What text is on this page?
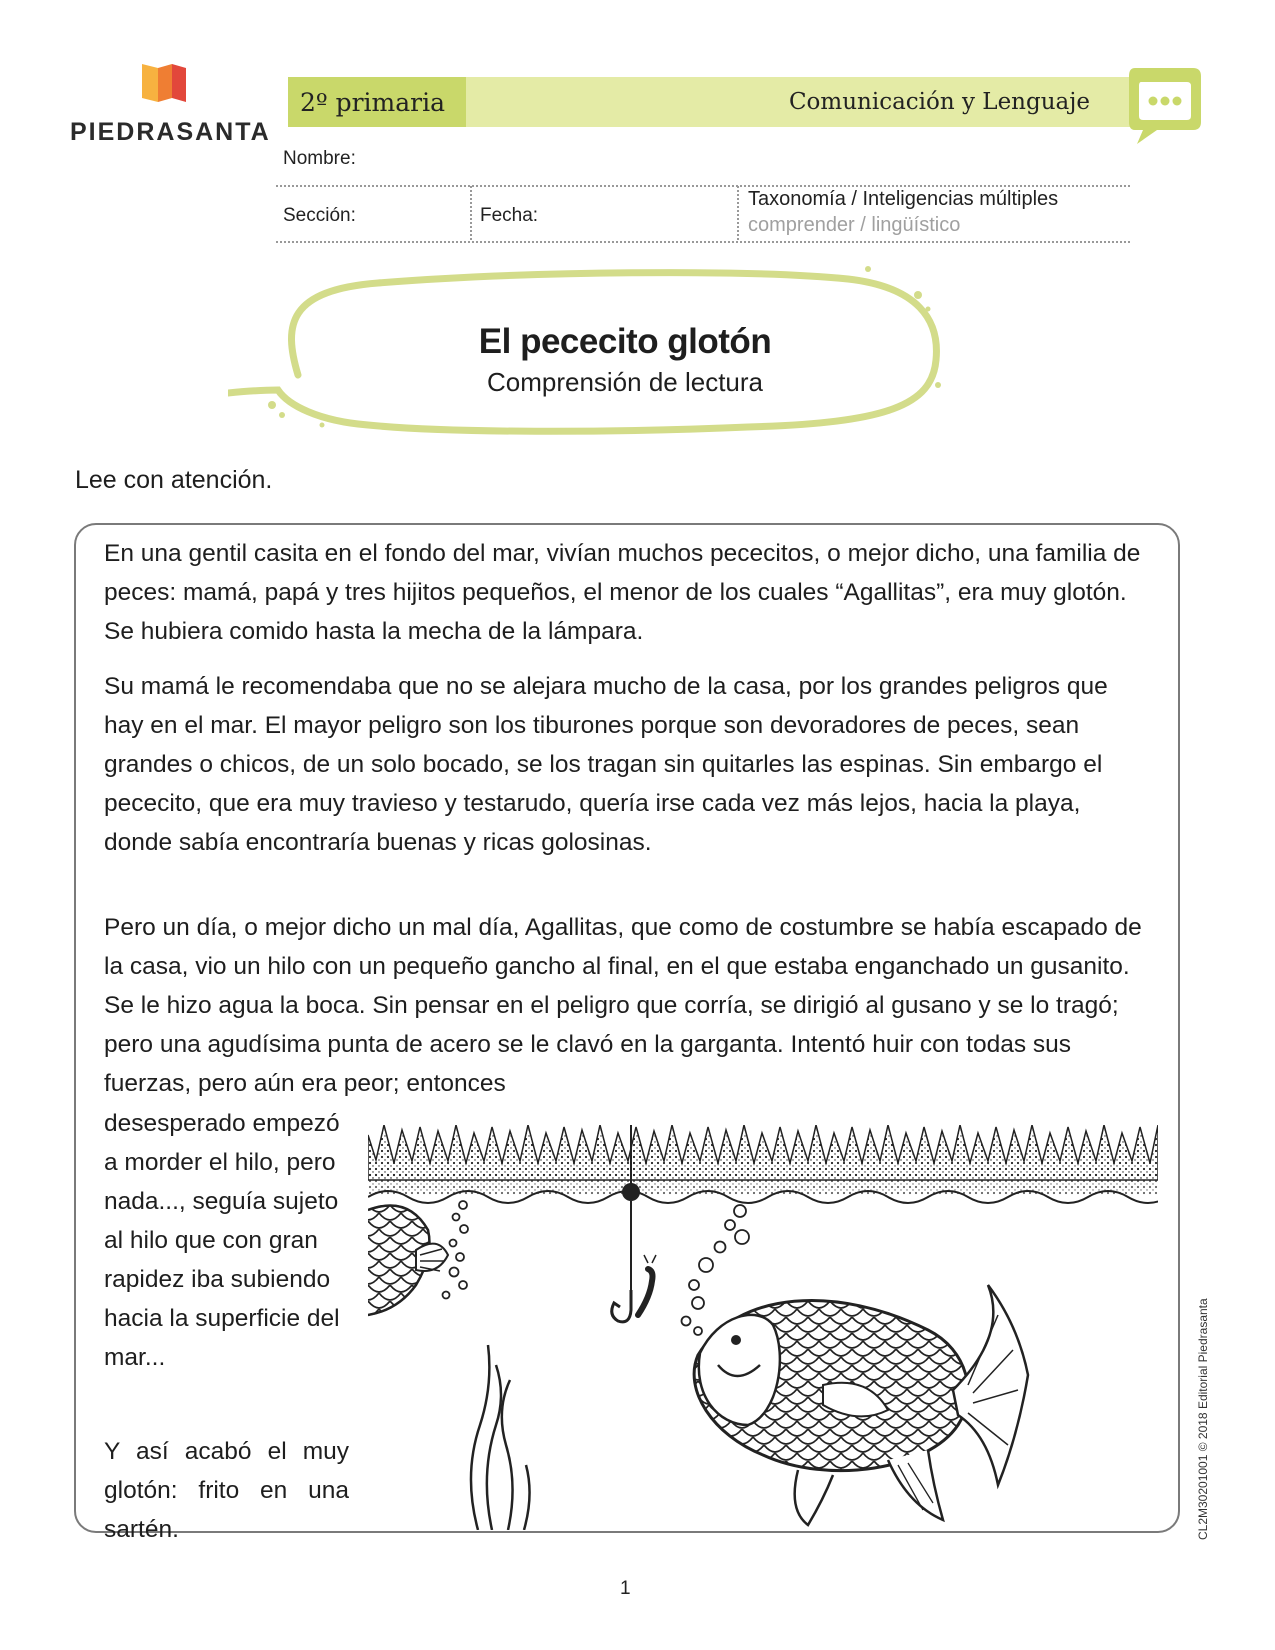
PIEDRASANTA
2º primaria	Comunicación y Lenguaje
Nombre:
Sección:	Fecha:
Taxonomía / Inteligencias múltiples
comprender / lingüístico
El pececito glotón
Comprensión de lectura
Lee con atención.
En una gentil casita en el fondo del mar, vivían muchos pececitos, o mejor dicho, una familia de peces: mamá, papá y tres hijitos pequeños, el menor de los cuales “Agallitas”, era muy glotón. Se hubiera comido hasta la mecha de la lámpara.
Su mamá le recomendaba que no se alejara mucho de la casa, por los grandes peligros que hay en el mar. El mayor peligro son los tiburones porque son devoradores de peces, sean grandes o chicos, de un solo bocado, se los tragan sin quitarles las espinas. Sin embargo el pececito, que era muy travieso y testarudo, quería irse cada vez más lejos, hacia la playa, donde sabía encontraría buenas y ricas golosinas.
Pero un día, o mejor dicho un mal día, Agallitas, que como de costumbre se había escapado de la casa, vio un hilo con un pequeño gancho al final, en el que estaba enganchado un gusanito. Se le hizo agua la boca. Sin pensar en el peligro que corría, se dirigió al gusano y se lo tragó; pero una agudísima punta de acero se le clavó en la garganta. Intentó huir con todas sus fuerzas, pero aún era peor; entonces
desesperado empezó a morder el hilo, pero nada..., seguía sujeto al hilo que con gran rapidez iba subiendo hacia la superficie del mar...
Y así acabó el muy glotón: frito en una sartén.	CL2M30201001 © 2018 Editorial Piedrasanta
1
